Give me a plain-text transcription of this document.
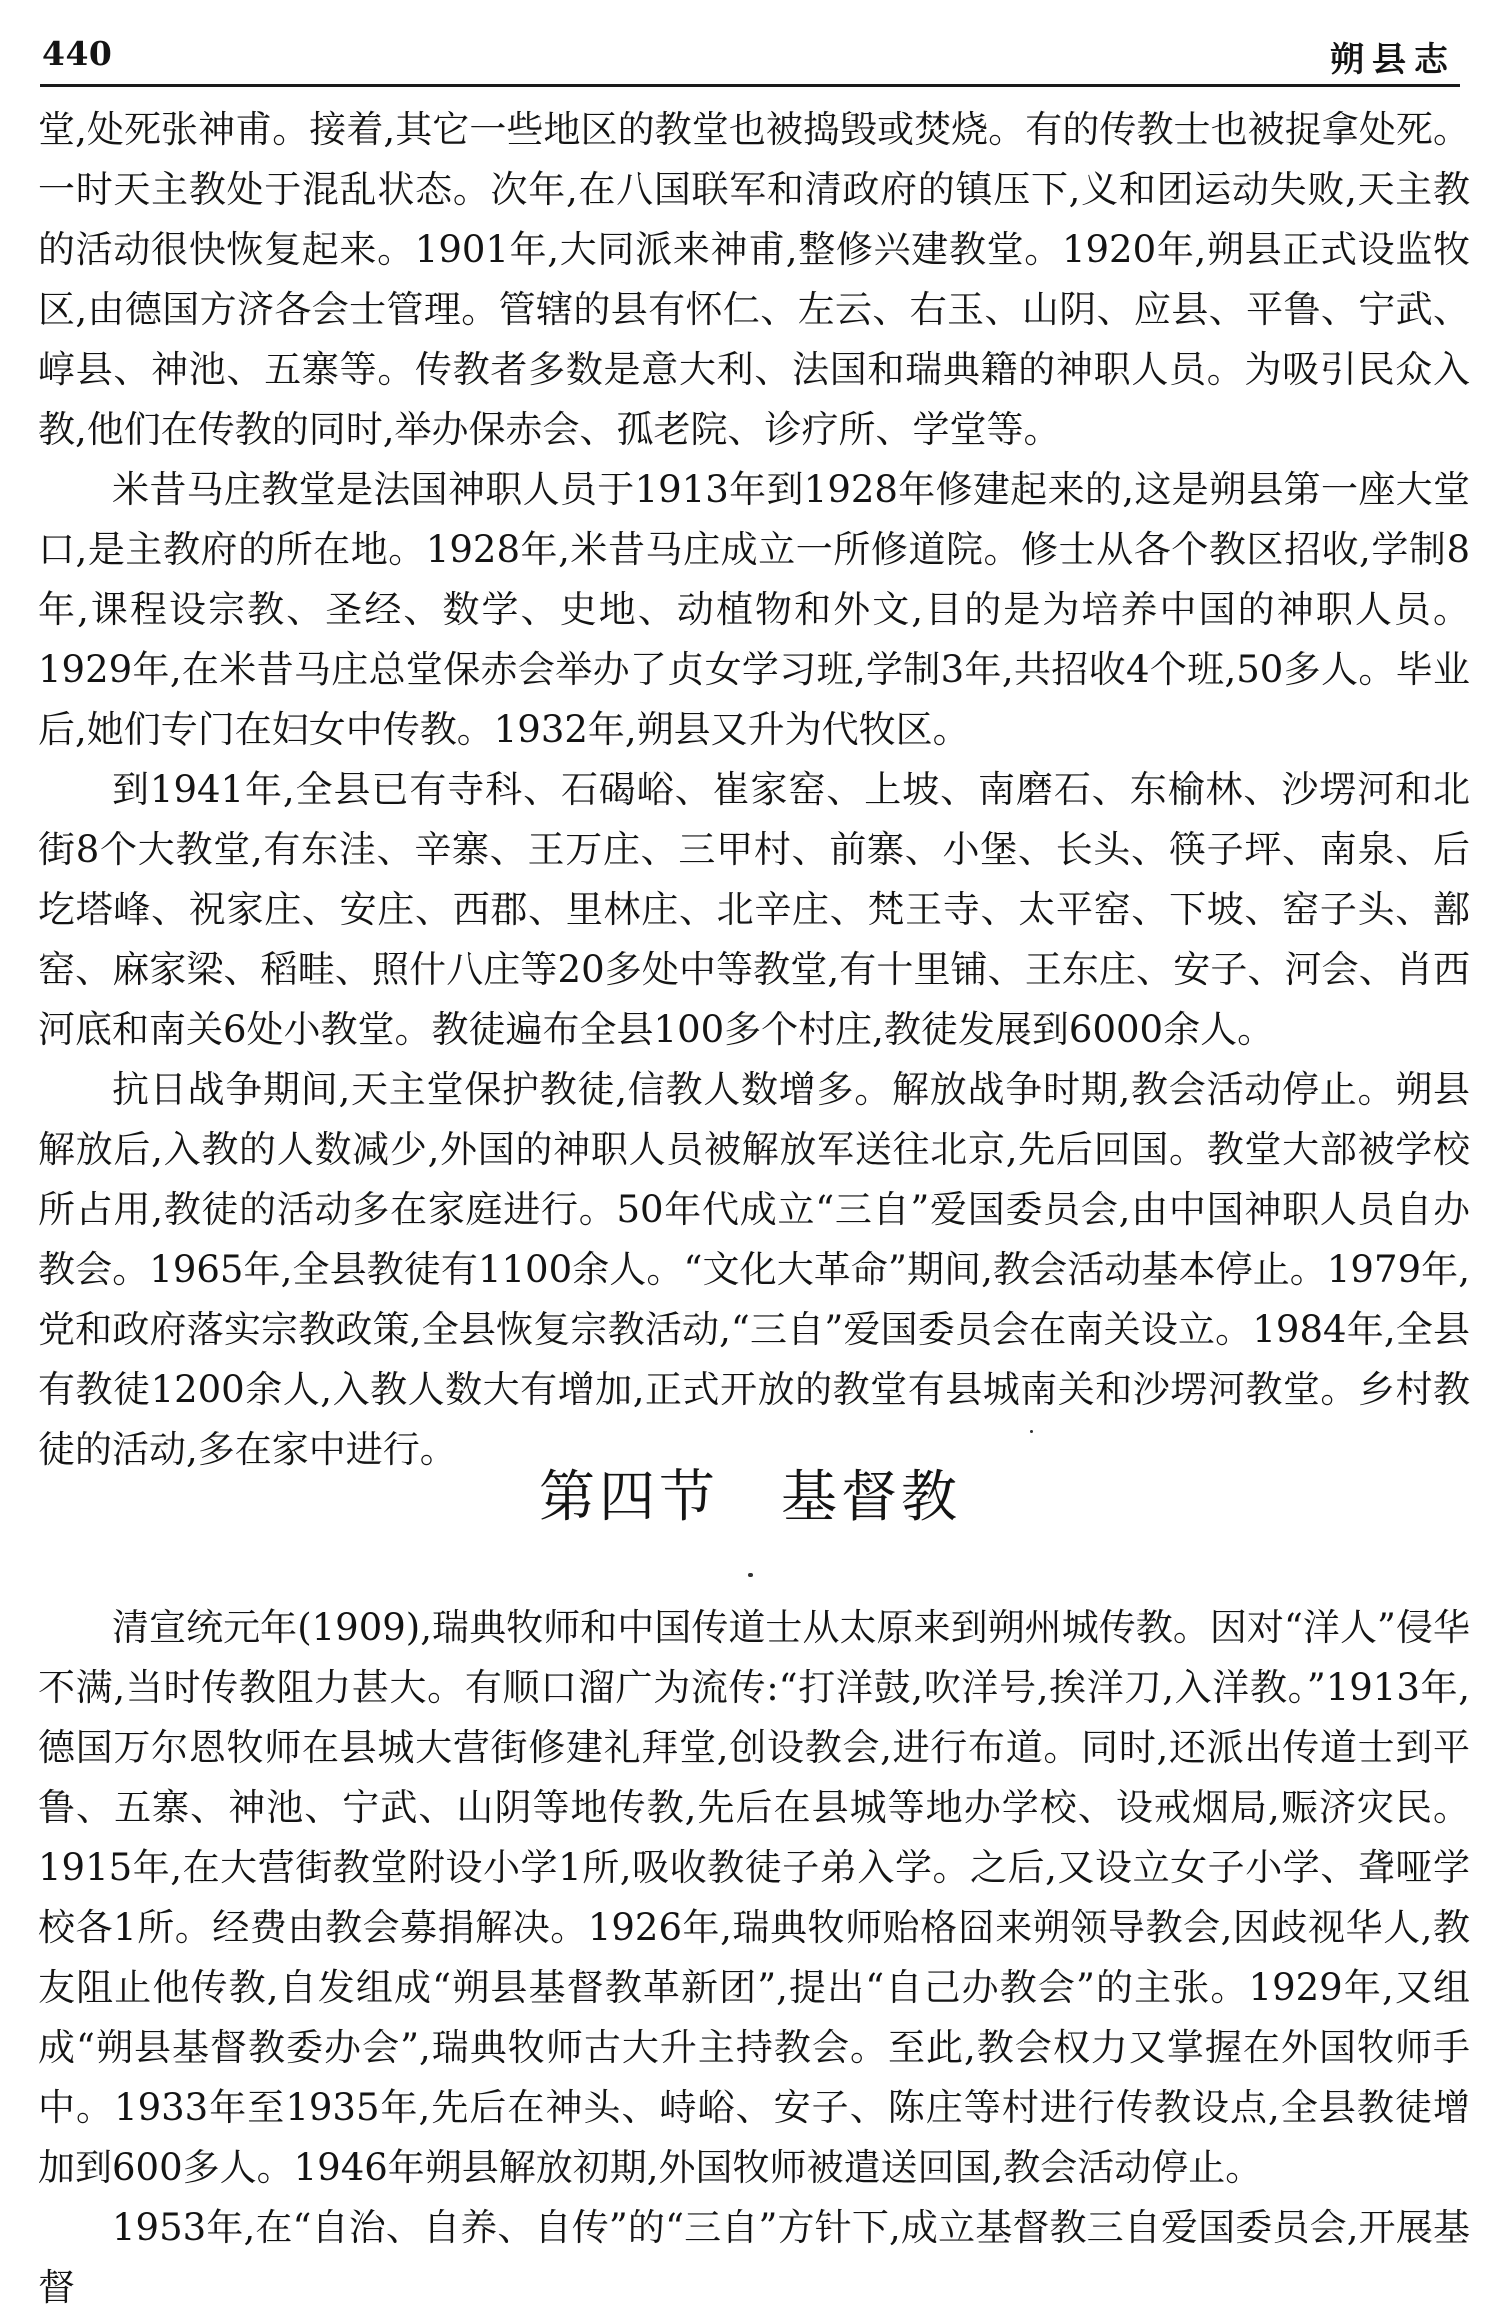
440	朔县志

堂,处死张神甫。接着,其它一些地区的教堂也被捣毁或焚烧。有的传教士也被捉拿处死。一时天主教处于混乱状态。次年,在八国联军和清政府的镇压下,义和团运动失败,天主教的活动很快恢复起来。1901年,大同派来神甫,整修兴建教堂。1920年,朔县正式设监牧区,由德国方济各会士管理。管辖的县有怀仁、左云、右玉、山阴、应县、平鲁、宁武、崞县、神池、五寨等。传教者多数是意大利、法国和瑞典籍的神职人员。为吸引民众入教,他们在传教的同时,举办保赤会、孤老院、诊疗所、学堂等。

米昔马庄教堂是法国神职人员于1913年到1928年修建起来的,这是朔县第一座大堂口,是主教府的所在地。1928年,米昔马庄成立一所修道院。修士从各个教区招收,学制8年,课程设宗教、圣经、数学、史地、动植物和外文,目的是为培养中国的神职人员。1929年,在米昔马庄总堂保赤会举办了贞女学习班,学制3年,共招收4个班,50多人。毕业后,她们专门在妇女中传教。1932年,朔县又升为代牧区。

到1941年,全县已有寺科、石碣峪、崔家窑、上坡、南磨石、东榆林、沙塄河和北街8个大教堂,有东洼、辛寨、王万庄、三甲村、前寨、小堡、长头、筷子坪、南泉、后圪塔峰、祝家庄、安庄、西郡、里林庄、北辛庄、梵王寺、太平窑、下坡、窑子头、鄯窑、麻家梁、稻畦、照什八庄等20多处中等教堂,有十里铺、王东庄、安子、河会、肖西河底和南关6处小教堂。教徒遍布全县100多个村庄,教徒发展到6000余人。

抗日战争期间,天主堂保护教徒,信教人数增多。解放战争时期,教会活动停止。朔县解放后,入教的人数减少,外国的神职人员被解放军送往北京,先后回国。教堂大部被学校所占用,教徒的活动多在家庭进行。50年代成立“三自”爱国委员会,由中国神职人员自办教会。1965年,全县教徒有1100余人。“文化大革命”期间,教会活动基本停止。1979年,党和政府落实宗教政策,全县恢复宗教活动,“三自”爱国委员会在南关设立。1984年,全县有教徒1200余人,入教人数大有增加,正式开放的教堂有县城南关和沙塄河教堂。乡村教徒的活动,多在家中进行。

第四节 基督教

清宣统元年(1909),瑞典牧师和中国传道士从太原来到朔州城传教。因对“洋人”侵华不满,当时传教阻力甚大。有顺口溜广为流传:“打洋鼓,吹洋号,挨洋刀,入洋教。”1913年,德国万尔恩牧师在县城大营街修建礼拜堂,创设教会,进行布道。同时,还派出传道士到平鲁、五寨、神池、宁武、山阴等地传教,先后在县城等地办学校、设戒烟局,赈济灾民。1915年,在大营街教堂附设小学1所,吸收教徒子弟入学。之后,又设立女子小学、聋哑学校各1所。经费由教会募捐解决。1926年,瑞典牧师贻格囧来朔领导教会,因歧视华人,教友阻止他传教,自发组成“朔县基督教革新团”,提出“自己办教会”的主张。1929年,又组成“朔县基督教委办会”,瑞典牧师古大升主持教会。至此,教会权力又掌握在外国牧师手中。1933年至1935年,先后在神头、峙峪、安子、陈庄等村进行传教设点,全县教徒增加到600多人。1946年朔县解放初期,外国牧师被遣送回国,教会活动停止。

1953年,在“自治、自养、自传”的“三自”方针下,成立基督教三自爱国委员会,开展基督
